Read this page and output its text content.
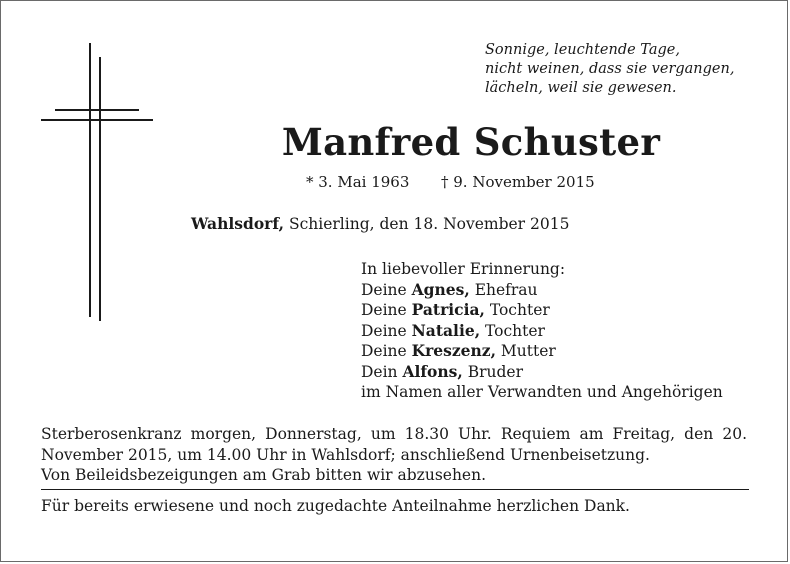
Sonnige, leuchtende Tage,
nicht weinen, dass sie vergangen,
lächeln, weil sie gewesen.
Manfred Schuster
* 3. Mai 1963 † 9. November 2015
Wahlsdorf, Schierling, den 18. November 2015
In liebevoller Erinnerung:
Deine Agnes, Ehefrau
Deine Patricia, Tochter
Deine Natalie, Tochter
Deine Kreszenz, Mutter
Dein Alfons, Bruder
im Namen aller Verwandten und Angehörigen
Sterberosenkranz morgen, Donnerstag, um 18.30 Uhr. Requiem am Freitag, den 20. November 2015, um 14.00 Uhr in Wahlsdorf; anschließend Urnenbeisetzung.
Von Beileidsbezeigungen am Grab bitten wir abzusehen.
Für bereits erwiesene und noch zugedachte Anteilnahme herzlichen Dank.
